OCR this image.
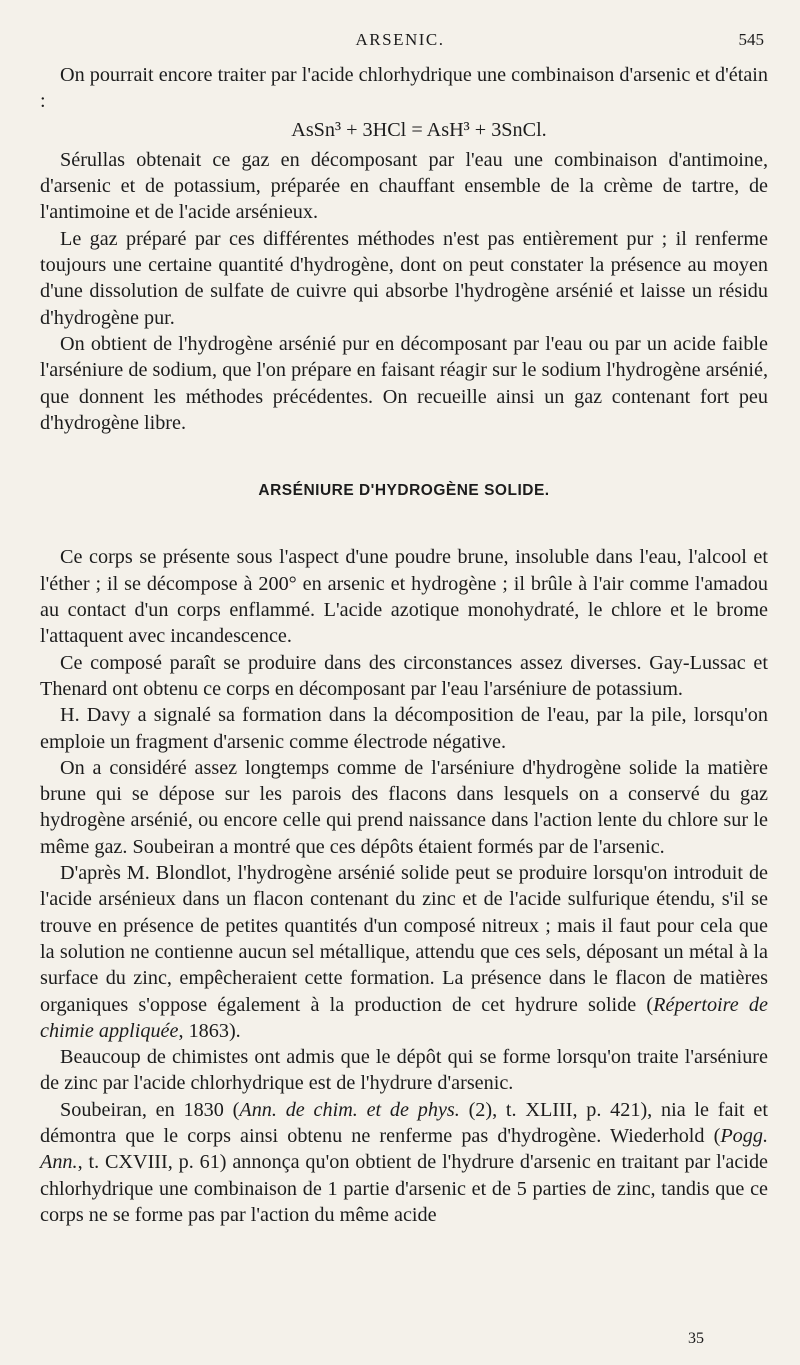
ARSENIC.	545

On pourrait encore traiter par l'acide chlorhydrique une combinaison d'arsenic et d'étain :

AsSn³ + 3HCl = AsH³ + 3SnCl.

Sérullas obtenait ce gaz en décomposant par l'eau une combinaison d'antimoine, d'arsenic et de potassium, préparée en chauffant ensemble de la crème de tartre, de l'antimoine et de l'acide arsénieux.

Le gaz préparé par ces différentes méthodes n'est pas entièrement pur ; il renferme toujours une certaine quantité d'hydrogène, dont on peut constater la présence au moyen d'une dissolution de sulfate de cuivre qui absorbe l'hydrogène arsénié et laisse un résidu d'hydrogène pur.

On obtient de l'hydrogène arsénié pur en décomposant par l'eau ou par un acide faible l'arséniure de sodium, que l'on prépare en faisant réagir sur le sodium l'hydrogène arsénié, que donnent les méthodes précédentes. On recueille ainsi un gaz contenant fort peu d'hydrogène libre.

ARSÉNIURE D'HYDROGÈNE SOLIDE.

Ce corps se présente sous l'aspect d'une poudre brune, insoluble dans l'eau, l'alcool et l'éther ; il se décompose à 200° en arsenic et hydrogène ; il brûle à l'air comme l'amadou au contact d'un corps enflammé. L'acide azotique monohydraté, le chlore et le brome l'attaquent avec incandescence.

Ce composé paraît se produire dans des circonstances assez diverses. Gay-Lussac et Thenard ont obtenu ce corps en décomposant par l'eau l'arséniure de potassium.

H. Davy a signalé sa formation dans la décomposition de l'eau, par la pile, lorsqu'on emploie un fragment d'arsenic comme électrode négative.

On a considéré assez longtemps comme de l'arséniure d'hydrogène solide la matière brune qui se dépose sur les parois des flacons dans lesquels on a conservé du gaz hydrogène arsénié, ou encore celle qui prend naissance dans l'action lente du chlore sur le même gaz. Soubeiran a montré que ces dépôts étaient formés par de l'arsenic.

D'après M. Blondlot, l'hydrogène arsénié solide peut se produire lorsqu'on introduit de l'acide arsénieux dans un flacon contenant du zinc et de l'acide sulfurique étendu, s'il se trouve en présence de petites quantités d'un composé nitreux ; mais il faut pour cela que la solution ne contienne aucun sel métallique, attendu que ces sels, déposant un métal à la surface du zinc, empêcheraient cette formation. La présence dans le flacon de matières organiques s'oppose également à la production de cet hydrure solide (Répertoire de chimie appliquée, 1863).

Beaucoup de chimistes ont admis que le dépôt qui se forme lorsqu'on traite l'arséniure de zinc par l'acide chlorhydrique est de l'hydrure d'arsenic.

Soubeiran, en 1830 (Ann. de chim. et de phys. (2), t. XLIII, p. 421), nia le fait et démontra que le corps ainsi obtenu ne renferme pas d'hydrogène. Wiederhold (Pogg. Ann., t. CXVIII, p. 61) annonça qu'on obtient de l'hydrure d'arsenic en traitant par l'acide chlorhydrique une combinaison de 1 partie d'arsenic et de 5 parties de zinc, tandis que ce corps ne se forme pas par l'action du même acide

35
